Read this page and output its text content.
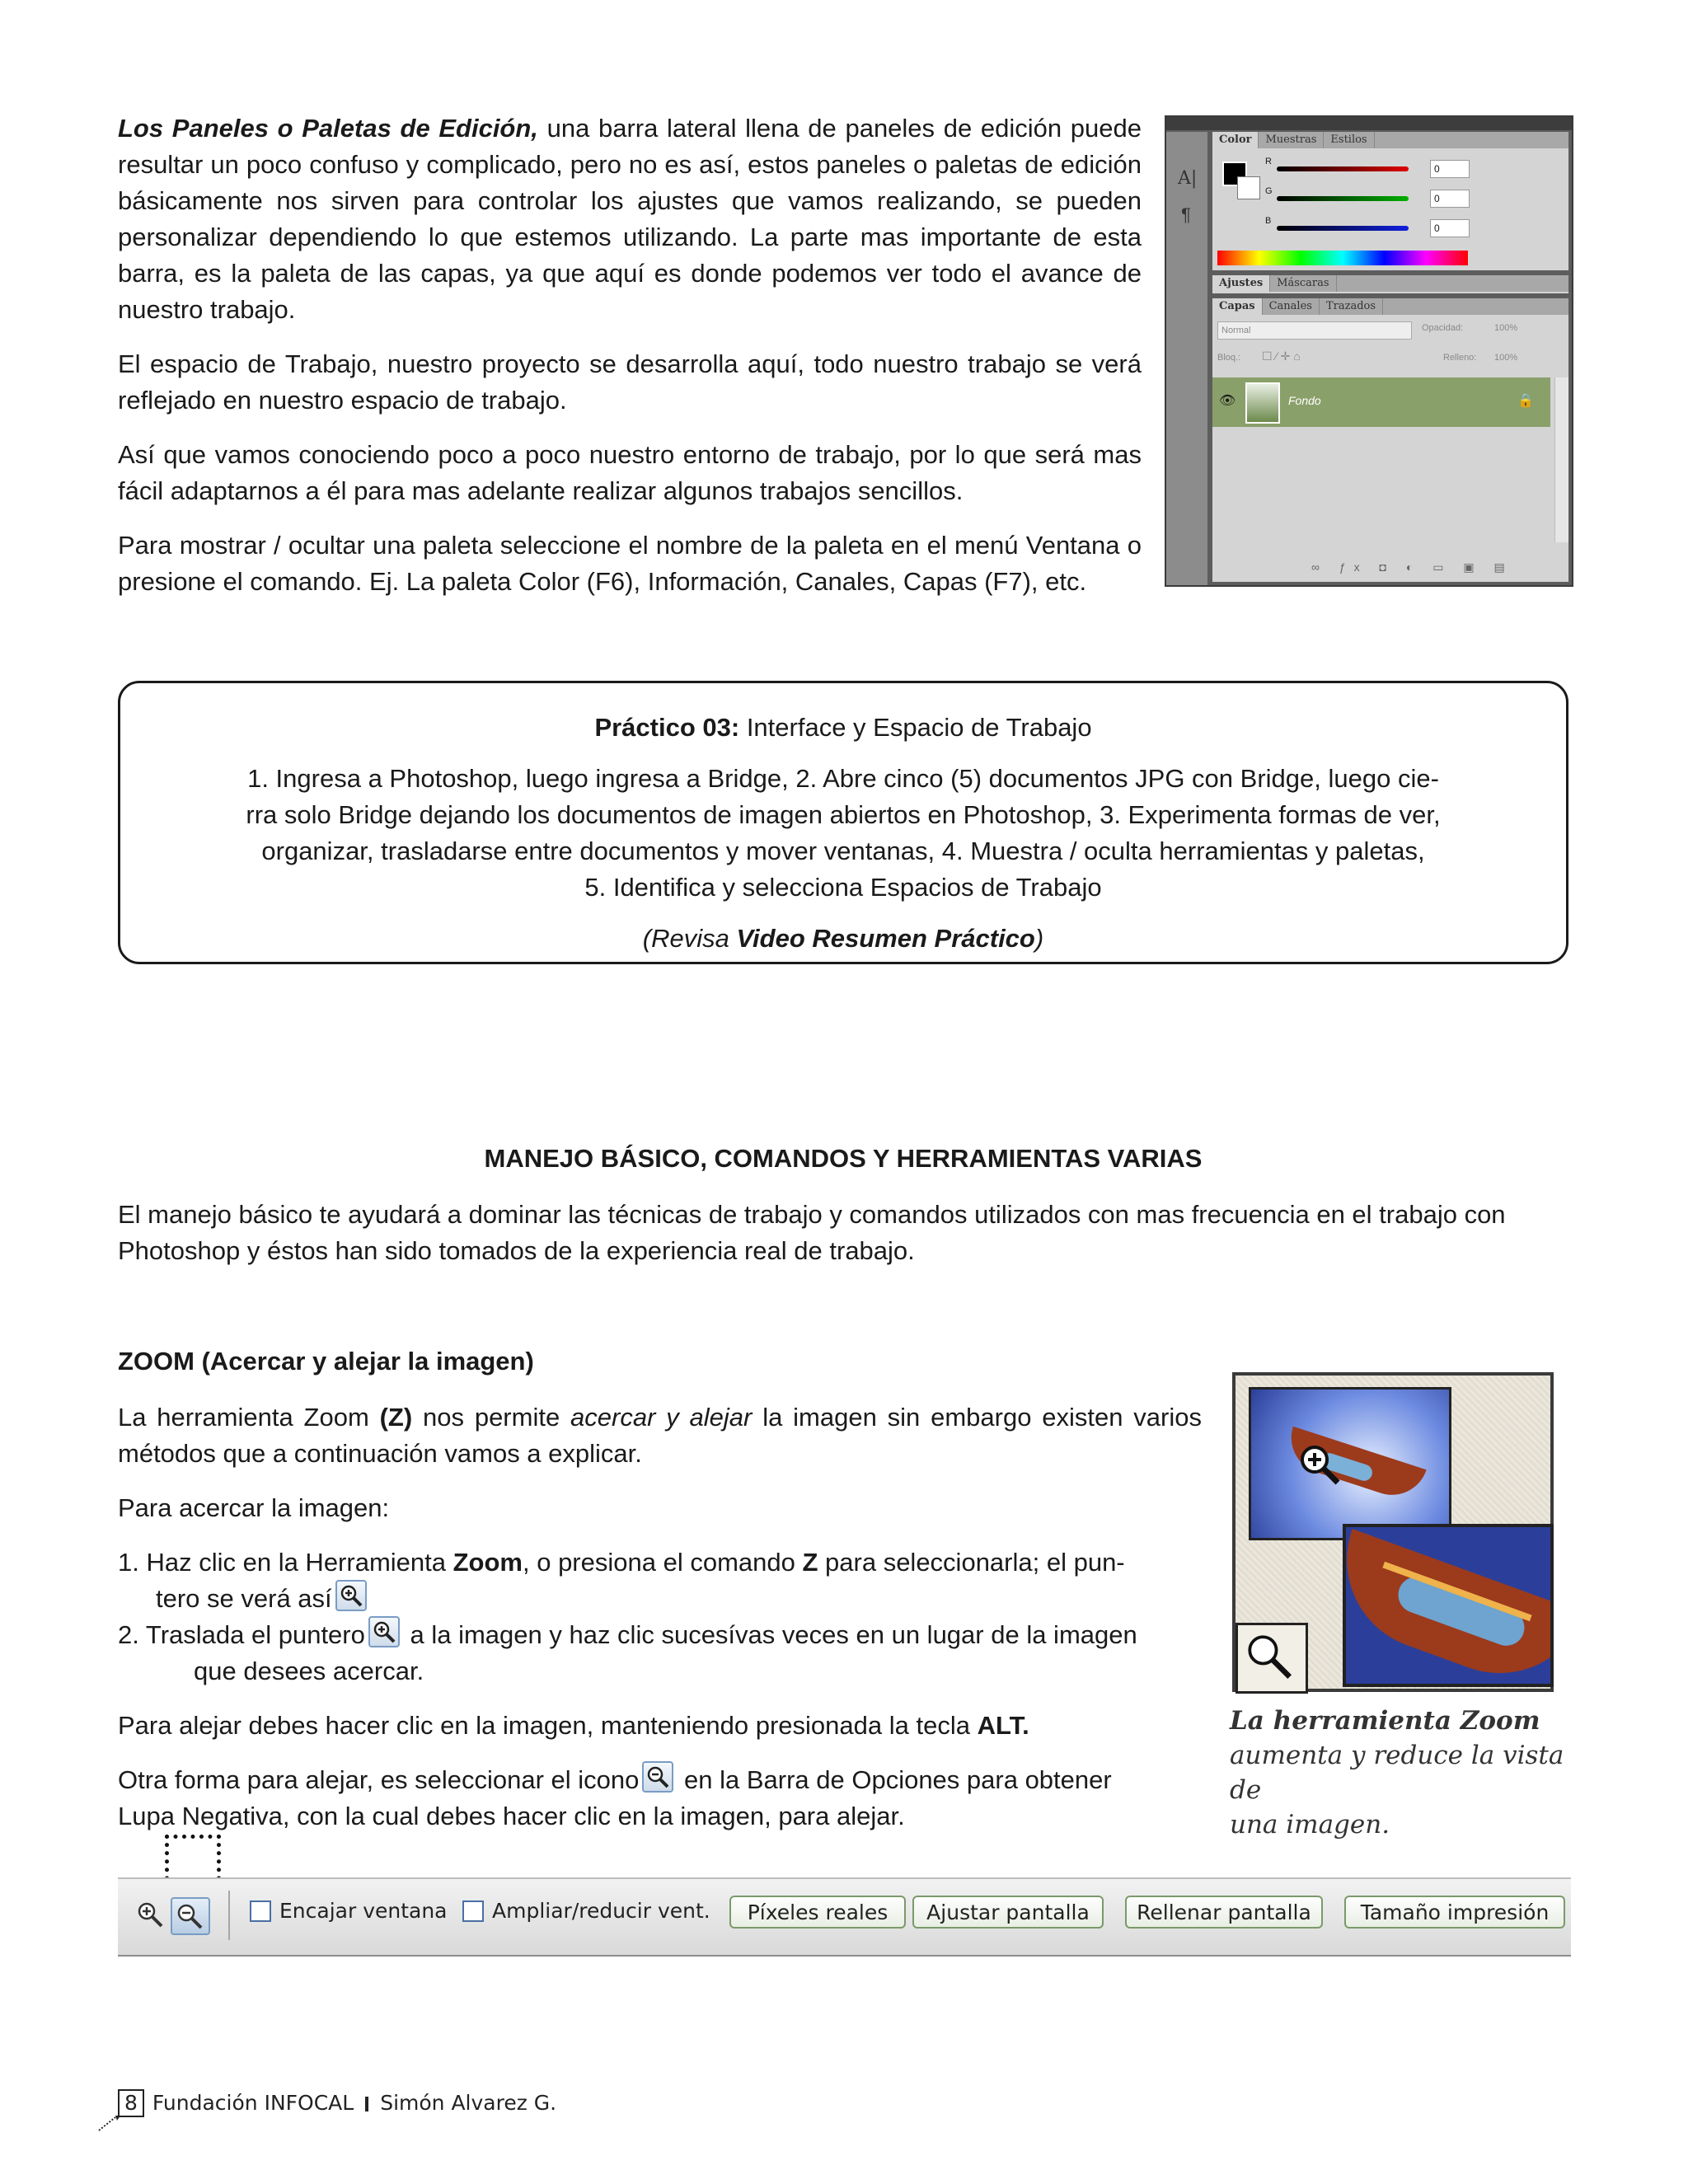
Los Paneles o Paletas de Edición, una barra lateral llena de paneles de edición puede resultar un poco confuso y complicado, pero no es así, estos paneles o paletas de edición básicamente nos sirven para controlar los ajustes que vamos realizando, se pueden personalizar dependiendo lo que estemos utilizando. La parte mas importante de esta barra, es la paleta de las capas, ya que aquí es donde podemos ver todo el avance de nuestro trabajo.

El espacio de Trabajo, nuestro proyecto se desarrolla aquí, todo nuestro trabajo se verá reflejado en nuestro espacio de trabajo.

Así que vamos conociendo poco a poco nuestro entorno de trabajo, por lo que será mas fácil adaptarnos a él para mas adelante realizar algunos trabajos sencillos.

Para mostrar / ocultar una paleta seleccione el nombre de la paleta en el menú Ventana o presione el comando. Ej. La paleta Color (F6), Información, Canales, Capas (F7), etc.

A|
¶
Color Muestras Estilos
R
0
G
0
B
0
Ajustes Máscaras
Capas Canales Trazados
Normal	Opacidad:	100%
Bloq.: ☐ ⁄ ✛ ⌂	Relleno: 100%
👁	Fondo	🔒
∞ ƒx ◘ ◐ ▭ ▣ ▤
Práctico 03: Interface y Espacio de Trabajo
1. Ingresa a Photoshop, luego ingresa a Bridge, 2. Abre cinco (5) documentos JPG con Bridge, luego cie-
rra solo Bridge dejando los documentos de imagen abiertos en Photoshop, 3. Experimenta formas de ver,
organizar, trasladarse entre documentos y mover ventanas, 4. Muestra / oculta herramientas y paletas,
5. Identifica y selecciona Espacios de Trabajo
(Revisa Video Resumen Práctico)
MANEJO BÁSICO, COMANDOS Y HERRAMIENTAS VARIAS
El manejo básico te ayudará a dominar las técnicas de trabajo y comandos utilizados con mas frecuencia en el trabajo con Photoshop y éstos han sido tomados de la experiencia real de trabajo.
ZOOM (Acercar y alejar la imagen)

La herramienta Zoom (Z) nos permite acercar y alejar la imagen sin embargo existen varios métodos que a continuación vamos a explicar.

Para acercar la imagen:

1. Haz clic en la Herramienta Zoom, o presiona el comando Z para seleccionarla; el pun-

tero se verá así

2. Traslada el puntero a la imagen y haz clic sucesívas veces en un lugar de la imagen

que desees acercar.

Para alejar debes hacer clic en la imagen, manteniendo presionada la tecla ALT.

Otra forma para alejar, es seleccionar el icono en la Barra de Opciones para obtener

Lupa Negativa, con la cual debes hacer clic en la imagen, para alejar.

La herramienta Zoom
aumenta y reduce la vista de
una imagen.
Encajar ventana Ampliar/reducir vent.	Píxeles reales	Ajustar pantalla	Rellenar pantalla	Tamaño impresión
8 Fundación INFOCAL Simón Alvarez G.
